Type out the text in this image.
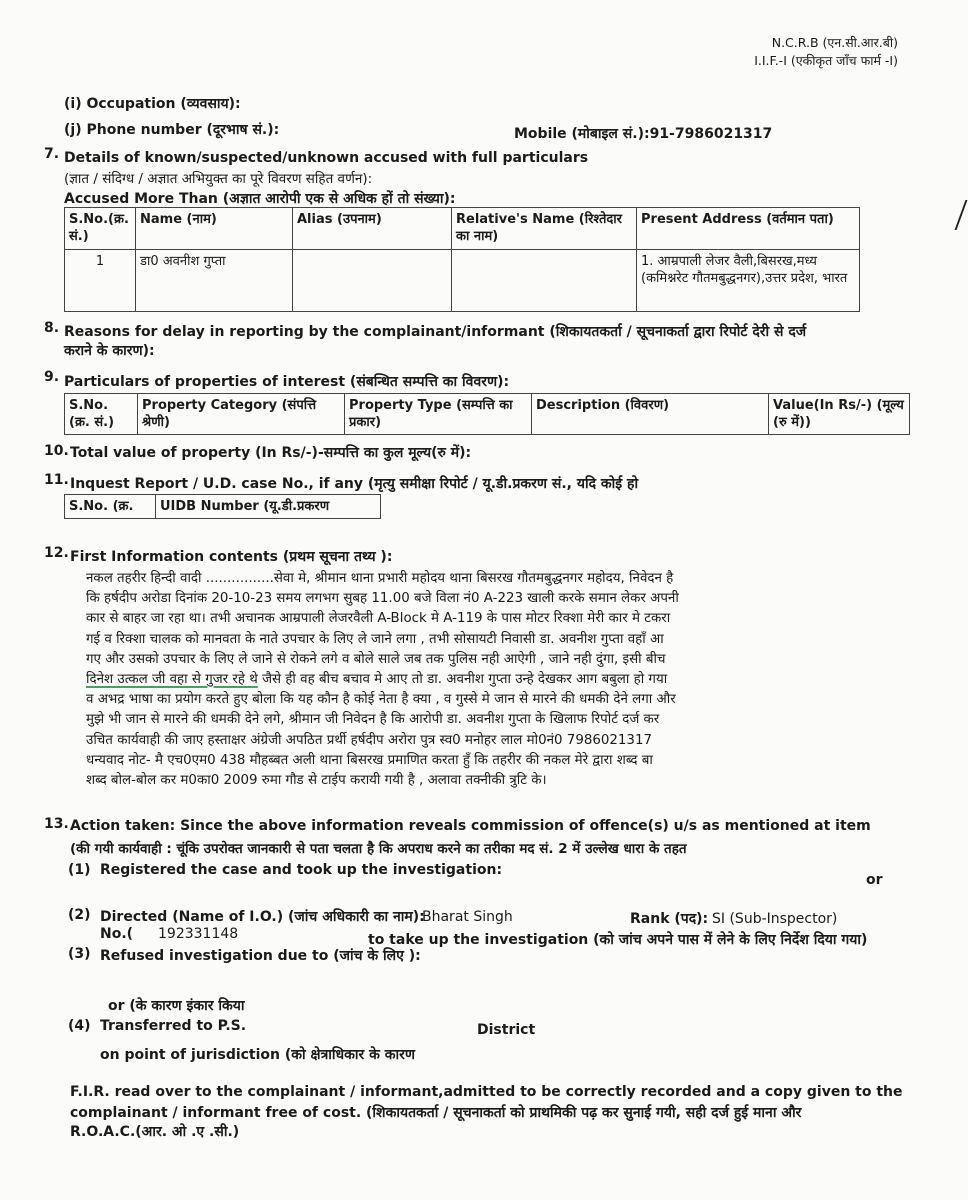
N.C.R.B (एन.सी.आर.बी)
I.I.F.-I (एकीकृत जाँच फार्म -I)
(i) Occupation (व्यवसाय):
(j) Phone number (दूरभाष सं.):	Mobile (मोबाइल सं.):91-7986021317
7. Details of known/suspected/unknown accused with full particulars
(ज्ञात / संदिग्ध / अज्ञात अभियुक्त का पूरे विवरण सहित वर्णन):
Accused More Than (अज्ञात आरोपी एक से अधिक हों तो संख्या):
S.No.(क्र. सं.)	Name (नाम)	Alias (उपनाम)	Relative's Name (रिश्तेदार का नाम)	Present Address (वर्तमान पता)
1	डा0 अवनीश गुप्ता			1. आम्रपाली लेजर वैली,बिसरख,मध्य (कमिश्नरेट गौतमबुद्धनगर),उत्तर प्रदेश, भारत
8. Reasons for delay in reporting by the complainant/informant (शिकायतकर्ता / सूचनाकर्ता द्वारा रिपोर्ट देरी से दर्ज
कराने के कारण):
9. Particulars of properties of interest (संबन्धित सम्पत्ति का विवरण):
S.No. (क्र. सं.)	Property Category (संपत्ति श्रेणी)	Property Type (सम्पत्ति का प्रकार)	Description (विवरण)	Value(In Rs/-) (मूल्य (रु में))
10. Total value of property (In Rs/-)-सम्पत्ति का कुल मूल्य(रु में):
11. Inquest Report / U.D. case No., if any (मृत्यु समीक्षा रिपोर्ट / यू.डी.प्रकरण सं., यदि कोई हो
S.No. (क्र.	UIDB Number (यू.डी.प्रकरण
12. First Information contents (प्रथम सूचना तथ्य ):

नकल तहरीर हिन्दी वादी ................सेवा मे, श्रीमान थाना प्रभारी महोदय थाना बिसरख गौतमबुद्धनगर महोदय, निवेदन है

कि हर्षदीप अरोडा दिनांक 20-10-23 समय लगभग सुबह 11.00 बजे विला नं0 A-223 खाली करके समान लेकर अपनी

कार से बाहर जा रहा था। तभी अचानक आम्रपाली लेजरवैली A-Block मे A-119 के पास मोटर रिक्शा मेरी कार मे टकरा

गई व रिक्शा चालक को मानवता के नाते उपचार के लिए ले जाने लगा , तभी सोसायटी निवासी डा. अवनीश गुप्ता वहाँ आ

गए और उसको उपचार के लिए ले जाने से रोकने लगे व बोले साले जब तक पुलिस नही आऐगी , जाने नही दुंगा, इसी बीच

दिनेश उत्कल जी वहा से गुजर रहे थे जैसे ही वह बीच बचाव मे आए तो डा. अवनीश गुप्ता उन्हे देखकर आग बबुला हो गया

व अभद्र भाषा का प्रयोग करते हुए बोला कि यह कौन है कोई नेता है क्या , व गुस्से मे जान से मारने की धमकी देने लगा और

मुझे भी जान से मारने की धमकी देने लगे, श्रीमान जी निवेदन है कि आरोपी डा. अवनीश गुप्ता के खिलाफ रिपोर्ट दर्ज कर

उचित कार्यवाही की जाए हस्ताक्षर अंग्रेजी अपठित प्रर्थी हर्षदीप अरोरा पुत्र स्व0 मनोहर लाल मो0नं0 7986021317

धन्यवाद नोट- मै एच0एम0 438 मौहब्बत अली थाना बिसरख प्रमाणित करता हुँ कि तहरीर की नकल मेरे द्वारा शब्द बा

शब्द बोल-बोल कर म0का0 2009 रुमा गौड से टाईप करायी गयी है , अलावा तक्नीकी त्रुटि के।

13. Action taken: Since the above information reveals commission of offence(s) u/s as mentioned at item
(की गयी कार्यवाही : चूंकि उपरोक्त जानकारी से पता चलता है कि अपराध करने का तरीका मद सं. 2 में उल्लेख धारा के तहत
(1) Registered the case and took up the investigation:
or
(2) Directed (Name of I.O.) (जांच अधिकारी का नाम):
Bharat Singh	Rank (पद): SI (Sub-Inspector)
No.( 192331148	to take up the investigation (को जांच अपने पास में लेने के लिए निर्देश दिया गया)
(3) Refused investigation due to (जांच के लिए ):
or (के कारण इंकार किया
(4) Transferred to P.S.	District
on point of jurisdiction (को क्षेत्राधिकार के कारण
F.I.R. read over to the complainant / informant,admitted to be correctly recorded and a copy given to the
complainant / informant free of cost. (शिकायतकर्ता / सूचनाकर्ता को प्राथमिकी पढ़ कर सुनाई गयी, सही दर्ज हुई माना और
R.O.A.C.(आर. ओ .ए .सी.)
